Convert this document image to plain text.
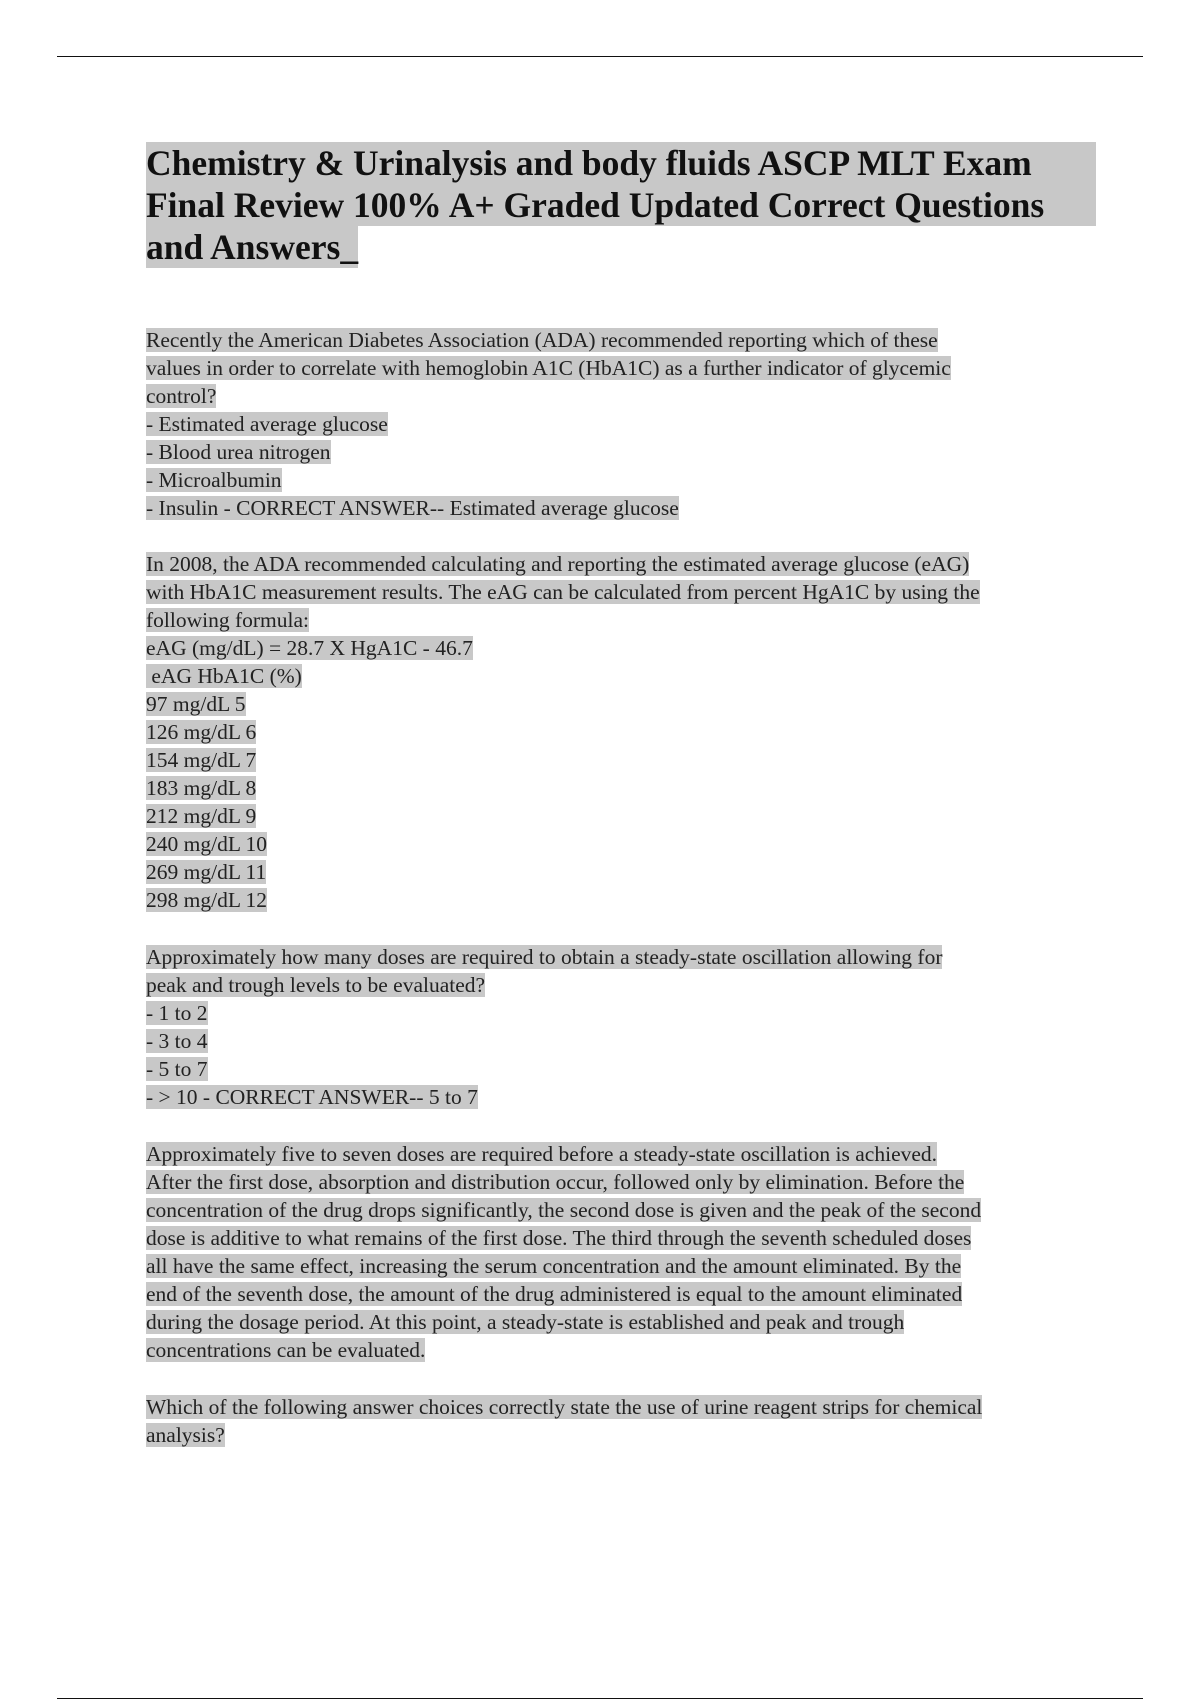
Chemistry & Urinalysis and body fluids ASCP MLT Exam
Final Review 100% A+ Graded Updated Correct Questions
and Answers_
Recently the American Diabetes Association (ADA) recommended reporting which of these
values in order to correlate with hemoglobin A1C (HbA1C) as a further indicator of glycemic
control?
- Estimated average glucose
- Blood urea nitrogen
- Microalbumin
- Insulin - CORRECT ANSWER-- Estimated average glucose
In 2008, the ADA recommended calculating and reporting the estimated average glucose (eAG)
with HbA1C measurement results. The eAG can be calculated from percent HgA1C by using the
following formula:
eAG (mg/dL) = 28.7 X HgA1C - 46.7
eAG HbA1C (%)
97 mg/dL 5
126 mg/dL 6
154 mg/dL 7
183 mg/dL 8
212 mg/dL 9
240 mg/dL 10
269 mg/dL 11
298 mg/dL 12
Approximately how many doses are required to obtain a steady-state oscillation allowing for
peak and trough levels to be evaluated?
- 1 to 2
- 3 to 4
- 5 to 7
- > 10 - CORRECT ANSWER-- 5 to 7
Approximately five to seven doses are required before a steady-state oscillation is achieved.
After the first dose, absorption and distribution occur, followed only by elimination. Before the
concentration of the drug drops significantly, the second dose is given and the peak of the second
dose is additive to what remains of the first dose. The third through the seventh scheduled doses
all have the same effect, increasing the serum concentration and the amount eliminated. By the
end of the seventh dose, the amount of the drug administered is equal to the amount eliminated
during the dosage period. At this point, a steady-state is established and peak and trough
concentrations can be evaluated.
Which of the following answer choices correctly state the use of urine reagent strips for chemical
analysis?
